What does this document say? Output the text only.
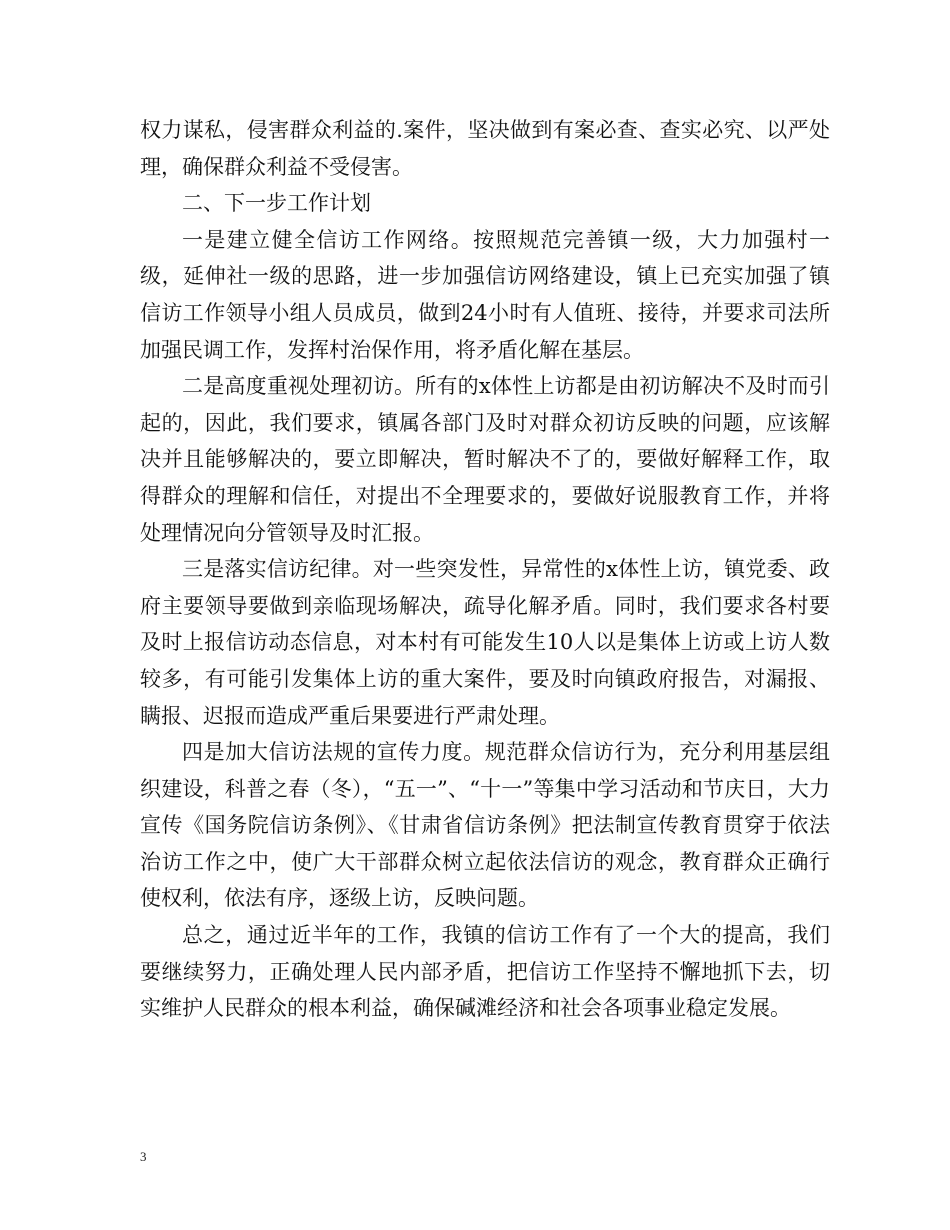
权力谋私，侵害群众利益的.案件，坚决做到有案必查、查实必究、以严处理，确保群众利益不受侵害。

二、下一步工作计划

一是建立健全信访工作网络。按照规范完善镇一级，大力加强村一级，延伸社一级的思路，进一步加强信访网络建设，镇上已充实加强了镇信访工作领导小组人员成员，做到24小时有人值班、接待，并要求司法所加强民调工作，发挥村治保作用，将矛盾化解在基层。

二是高度重视处理初访。所有的x体性上访都是由初访解决不及时而引起的，因此，我们要求，镇属各部门及时对群众初访反映的问题，应该解决并且能够解决的，要立即解决，暂时解决不了的，要做好解释工作，取得群众的理解和信任，对提出不全理要求的，要做好说服教育工作，并将处理情况向分管领导及时汇报。

三是落实信访纪律。对一些突发性，异常性的x体性上访，镇党委、政府主要领导要做到亲临现场解决，疏导化解矛盾。同时，我们要求各村要及时上报信访动态信息，对本村有可能发生10人以是集体上访或上访人数较多，有可能引发集体上访的重大案件，要及时向镇政府报告，对漏报、瞒报、迟报而造成严重后果要进行严肃处理。

四是加大信访法规的宣传力度。规范群众信访行为，充分利用基层组织建设，科普之春（冬），“五一”、“十一”等集中学习活动和节庆日，大力宣传《国务院信访条例》、《甘肃省信访条例》把法制宣传教育贯穿于依法治访工作之中，使广大干部群众树立起依法信访的观念，教育群众正确行使权利，依法有序，逐级上访，反映问题。

总之，通过近半年的工作，我镇的信访工作有了一个大的提高，我们要继续努力，正确处理人民内部矛盾，把信访工作坚持不懈地抓下去，切实维护人民群众的根本利益，确保碱滩经济和社会各项事业稳定发展。

3
